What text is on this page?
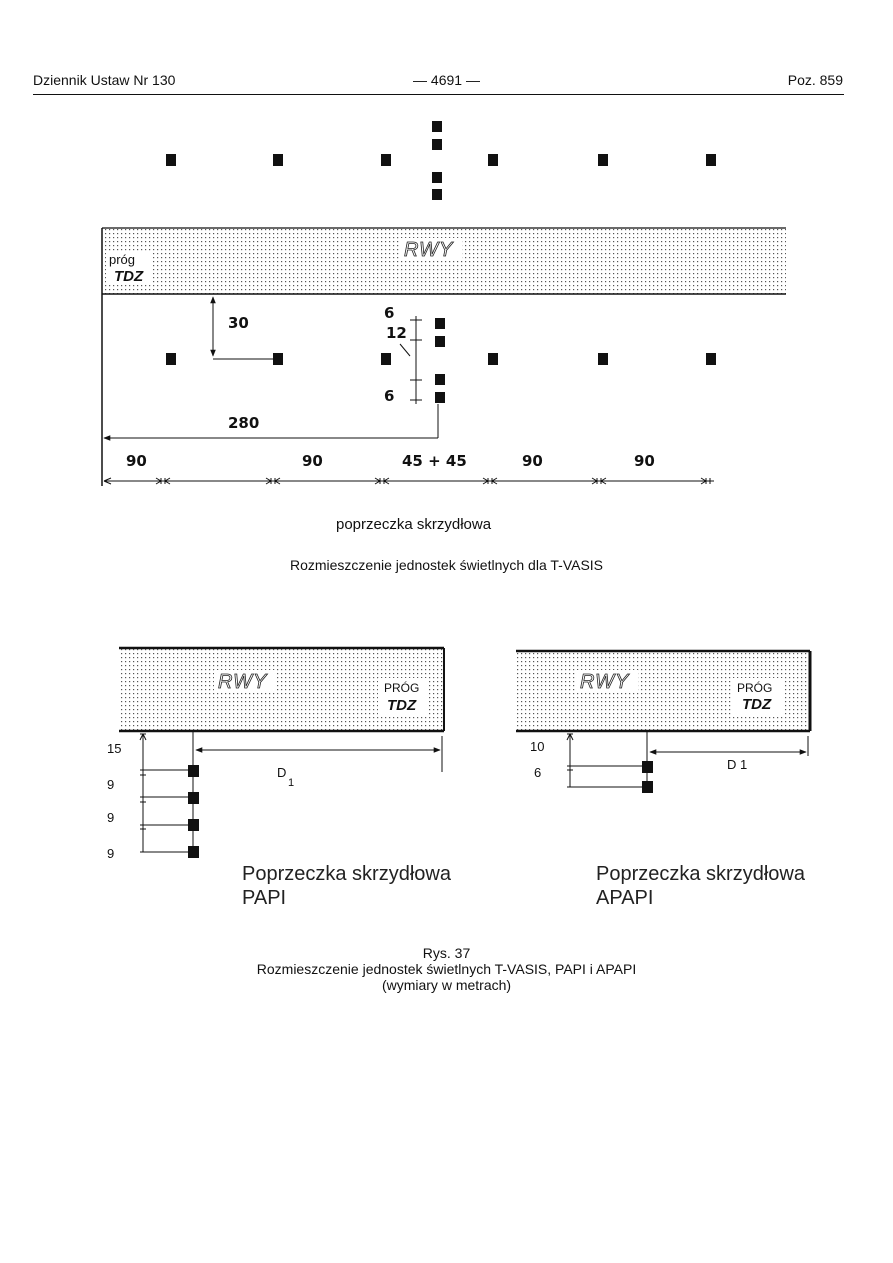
Dziennik Ustaw Nr 130	— 4691 —	Poz. 859
RWY
próg
TDZ
30
6
12
6
280
90	90	45 + 45	90	90
poprzeczka skrzydłowa
RWY	PRÓG
TDZ
15
9
9
9
D
1
RWY	PRÓG
TDZ
10
6
D 1
Rozmieszczenie jednostek świetlnych dla T-VASIS
Poprzeczka skrzydłowa
PAPI
Poprzeczka skrzydłowa
APAPI
Rys. 37
Rozmieszczenie jednostek świetlnych T-VASIS, PAPI i APAPI
(wymiary w metrach)
